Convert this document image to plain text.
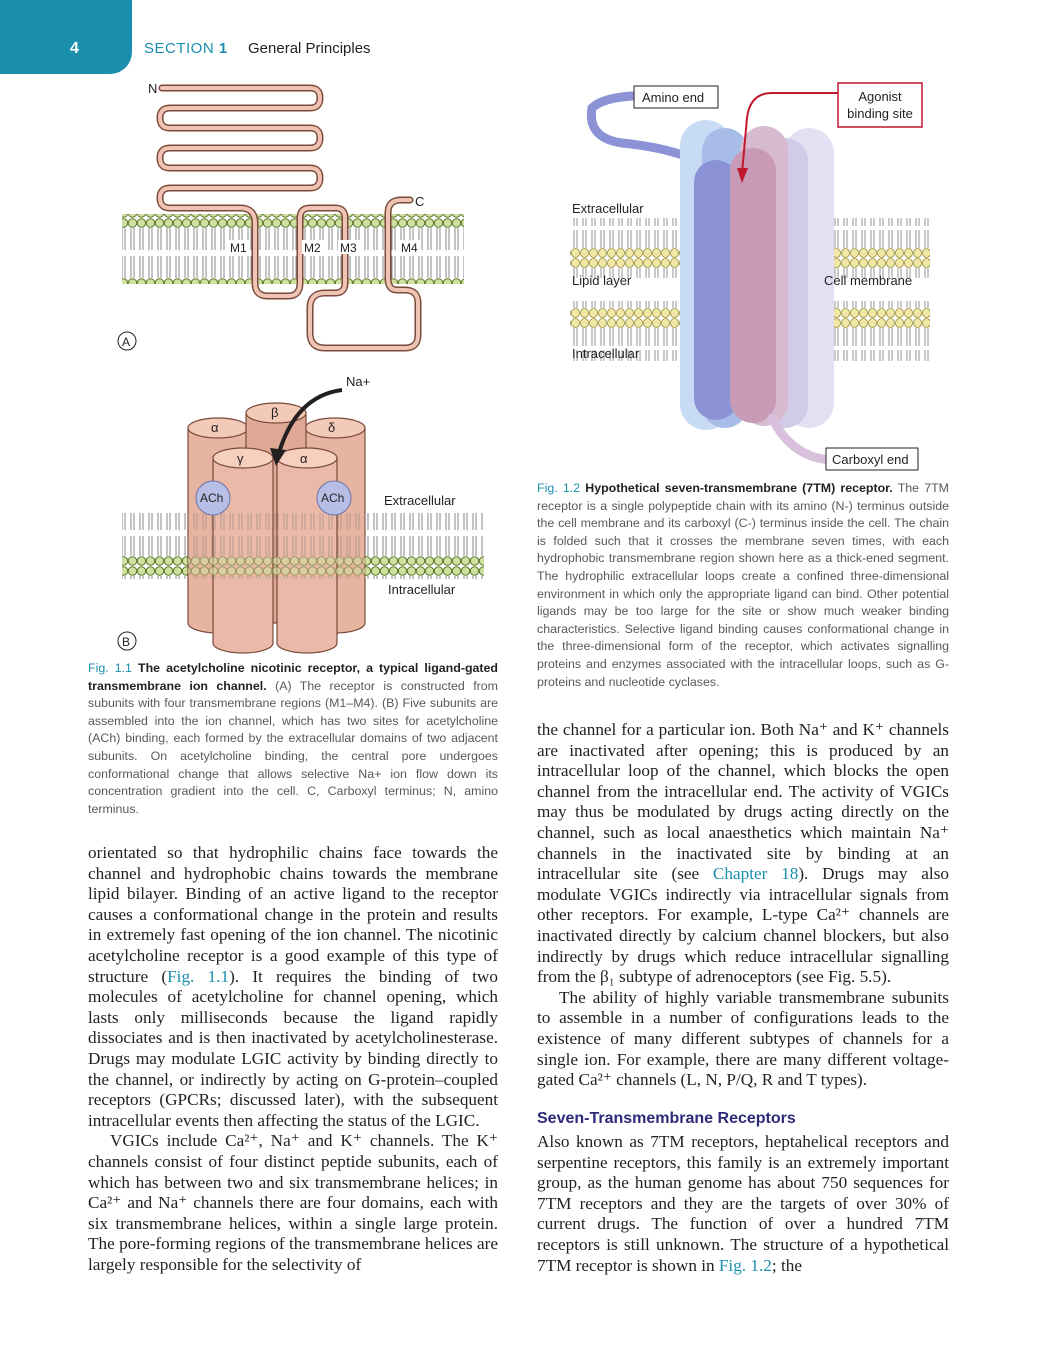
4	SECTION 1 General Principles
N
C
M1	M2 M3	M4
A
α
β
δ
γ	α
Na+
ACh	ACh	Extracellular
Intracellular
B
Fig. 1.1 The acetylcholine nicotinic receptor, a typical ligand-gated transmembrane ion channel. (A) The receptor is constructed from subunits with four transmembrane regions (M1–M4). (B) Five subunits are assembled into the ion channel, which has two sites for acetylcholine (ACh) binding, each formed by the extracellular domains of two adjacent subunits. On acetylcholine binding, the central pore undergoes conformational change that allows selective Na+ ion flow down its concentration gradient into the cell. C, Carboxyl terminus; N, amino terminus.
Amino end	Agonist
binding site
Extracellular
Lipid layer	Cell membrane
Intracellular
Carboxyl end
Fig. 1.2 Hypothetical seven-transmembrane (7TM) receptor. The 7TM receptor is a single polypeptide chain with its amino (N-) terminus outside the cell membrane and its carboxyl (C-) terminus inside the cell. The chain is folded such that it crosses the membrane seven times, with each hydrophobic transmembrane region shown here as a thick-ened segment. The hydrophilic extracellular loops create a confined three-dimensional environment in which only the appropriate ligand can bind. Other potential ligands may be too large for the site or show much weaker binding characteristics. Selective ligand binding causes conformational change in the three-dimensional form of the receptor, which activates signalling proteins and enzymes associated with the intracellular loops, such as G-proteins and nucleotide cyclases.

orientated so that hydrophilic chains face towards the channel and hydrophobic chains towards the membrane lipid bilayer. Binding of an active ligand to the receptor causes a conformational change in the protein and results in extremely fast opening of the ion channel. The nicotinic acetylcholine receptor is a good example of this type of structure (Fig. 1.1). It requires the binding of two molecules of acetylcholine for channel opening, which lasts only milliseconds because the ligand rapidly dissociates and is then inactivated by acetylcholinesterase. Drugs may modulate LGIC activity by binding directly to the channel, or indirectly by acting on G-protein–coupled receptors (GPCRs; discussed later), with the subsequent intracellular events then affecting the status of the LGIC.

VGICs include Ca²⁺, Na⁺ and K⁺ channels. The K⁺ channels consist of four distinct peptide subunits, each of which has between two and six transmembrane helices; in Ca²⁺ and Na⁺ channels there are four domains, each with six transmembrane helices, within a single large protein. The pore-forming regions of the transmembrane helices are largely responsible for the selectivity of

the channel for a particular ion. Both Na⁺ and K⁺ channels are inactivated after opening; this is produced by an intracellular loop of the channel, which blocks the open channel from the intracellular end. The activity of VGICs may thus be modulated by drugs acting directly on the channel, such as local anaesthetics which maintain Na⁺ channels in the inactivated site by binding at an intracellular site (see Chapter 18). Drugs may also modulate VGICs indirectly via intracellular signals from other receptors. For example, L-type Ca²⁺ channels are inactivated directly by calcium channel blockers, but also indirectly by drugs which reduce intracellular signalling from the β₁ subtype of adrenoceptors (see Fig. 5.5).

The ability of highly variable transmembrane subunits to assemble in a number of configurations leads to the existence of many different subtypes of channels for a single ion. For example, there are many different voltage-gated Ca²⁺ channels (L, N, P/Q, R and T types).

Seven-Transmembrane Receptors

Also known as 7TM receptors, heptahelical receptors and serpentine receptors, this family is an extremely important group, as the human genome has about 750 sequences for 7TM receptors and they are the targets of over 30% of current drugs. The function of over a hundred 7TM receptors is still unknown. The structure of a hypothetical 7TM receptor is shown in Fig. 1.2; the
